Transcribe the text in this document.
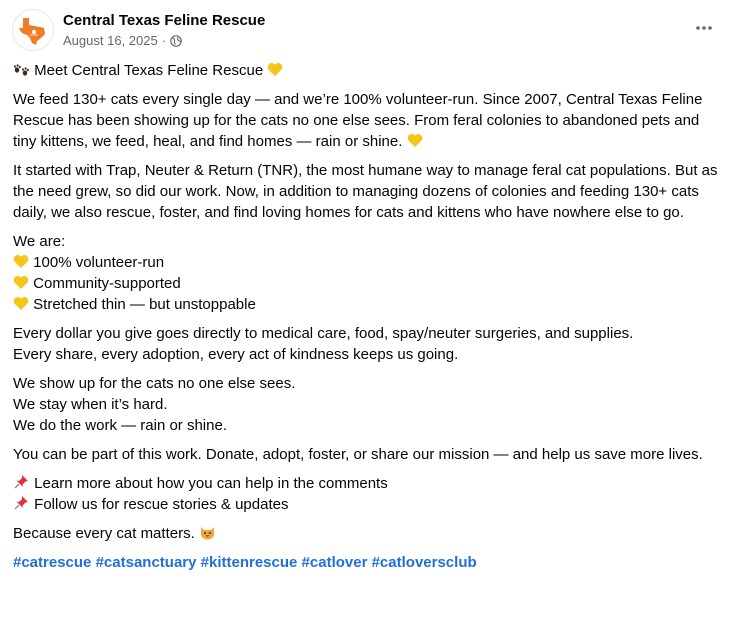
Central Texas Feline Rescue
August 16, 2025 ·

Meet Central Texas Feline Rescue

We feed 130+ cats every single day — and we’re 100% volunteer-run. Since 2007, Central Texas Feline Rescue has been showing up for the cats no one else sees. From feral colonies to abandoned pets and tiny kittens, we feed, heal, and find homes — rain or shine.

It started with Trap, Neuter & Return (TNR), the most humane way to manage feral cat populations. But as the need grew, so did our work. Now, in addition to managing dozens of colonies and feeding 130+ cats daily, we also rescue, foster, and find loving homes for cats and kittens who have nowhere else to go.

We are:
100% volunteer-run
Community-supported
Stretched thin — but unstoppable

Every dollar you give goes directly to medical care, food, spay/neuter surgeries, and supplies.
Every share, every adoption, every act of kindness keeps us going.

We show up for the cats no one else sees.
We stay when it’s hard.
We do the work — rain or shine.

You can be part of this work. Donate, adopt, foster, or share our mission — and help us save more lives.

Learn more about how you can help in the comments
Follow us for rescue stories & updates

Because every cat matters.

#catrescue #catsanctuary #kittenrescue #catlover #catloversclub
